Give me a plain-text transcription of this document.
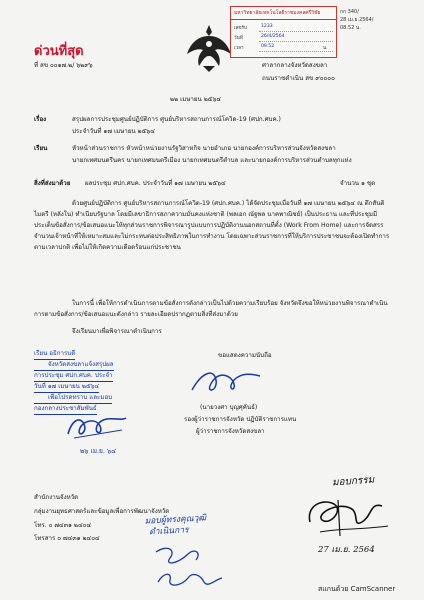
ด่วนที่สุด
ที่ สข ๐๐๑๗.๒/ ๖๒๙๖
มหาวิทยาลัยเทคโนโลยีราชมงคลศรีวิชัย
เลขรับ	1233
วันที่	26/4/2564
เวลา	09.52	น.
กก 340/
28 เม.ย.2564/
08.52 น.
ศาลากลางจังหวัดสงขลา
ถนนราชดำเนิน สข ๙๐๐๐๐
๒๒ เมษายน ๒๕๖๔
เรื่อง	สรุปผลการประชุมศูนย์ปฏิบัติการ ศูนย์บริหารสถานการณ์โควิด-19 (ศปก.ศบค.)
ประจำวันที่ ๑๗ เมษายน ๒๕๖๔
เรียน	หัวหน้าส่วนราชการ หัวหน้าหน่วยงานรัฐวิสาหกิจ นายอำเภอ นายกองค์การบริหารส่วนจังหวัดสงขลา
นายกเทศมนตรีนคร นายกเทศมนตรีเมือง นายกเทศมนตรีตำบล และนายกองค์การบริหารส่วนตำบลทุกแห่ง
สิ่งที่ส่งมาด้วย ผลประชุม ศปก.ศบค. ประจำวันที่ ๑๗ เมษายน ๒๕๖๔	จำนวน ๑ ชุด
ด้วยศูนย์ปฏิบัติการ ศูนย์บริหารสถานการณ์โควิด-19 (ศปก.ศบค.) ได้จัดประชุมเมื่อวันที่ ๑๗ เมษายน ๒๕๖๔ ณ ตึกสันติไมตรี (หลังใน) ทำเนียบรัฐบาล โดยมีเลขาธิการสภาความมั่นคงแห่งชาติ (พลเอก ณัฐพล นาคพาณิชย์) เป็นประธาน และที่ประชุมมีประเด็นข้อสั่งการ/ข้อเสนอแนะให้ทุกส่วนราชการพิจารณารูปแบบการปฏิบัติงานนอกสถานที่ตั้ง (Work From Home) และการจัดสรรจำนวนเจ้าหน้าที่ให้เหมาะสมและไม่กระทบต่อประสิทธิภาพในการทำงาน โดยเฉพาะส่วนราชการที่ให้บริการประชาชนจะต้องเปิดทำการตามเวลาปกติ เพื่อไม่ให้เกิดความเดือดร้อนแก่ประชาชน
ในการนี้ เพื่อให้การดำเนินการตามข้อสั่งการดังกล่าวเป็นไปด้วยความเรียบร้อย จังหวัดจึงขอให้หน่วยงานพิจารณาดำเนินการตามข้อสั่งการ/ข้อเสนอแนะดังกล่าว รายละเอียดปรากฏตามสิ่งที่ส่งมาด้วย
จึงเรียนมาเพื่อพิจารณาดำเนินการ
ขอแสดงความนับถือ
เรียน อธิการบดี
จังหวัดสงขลาแจ้งสรุปผล
การประชุม ศปก.ศบค. ประจำ
วันที่ ๑๗ เมษายน ๒๕๖๔
เพื่อโปรดทราบ และมอบ
กองกลางประชาสัมพันธ์
๒๖ เม.ย. ๖๔
(นายวงศา บุญศุคันธ์)
รองผู้ว่าราชการจังหวัด ปฏิบัติราชการแทน
ผู้ว่าราชการจังหวัดสงขลา
สำนักงานจังหวัด
กลุ่มงานยุทธศาสตร์และข้อมูลเพื่อการพัฒนาจังหวัด
โทร. ๐ ๗๔๓๑ ๒๔๐๔
โทรสาร ๐ ๗๔๓๑ ๒๔๐๔
มอบผู้ทรงคุณวุฒิ
ดำเนินการ
มอบกรรม
27 เม.ย. 2564
สแกนด้วย CamScanner
